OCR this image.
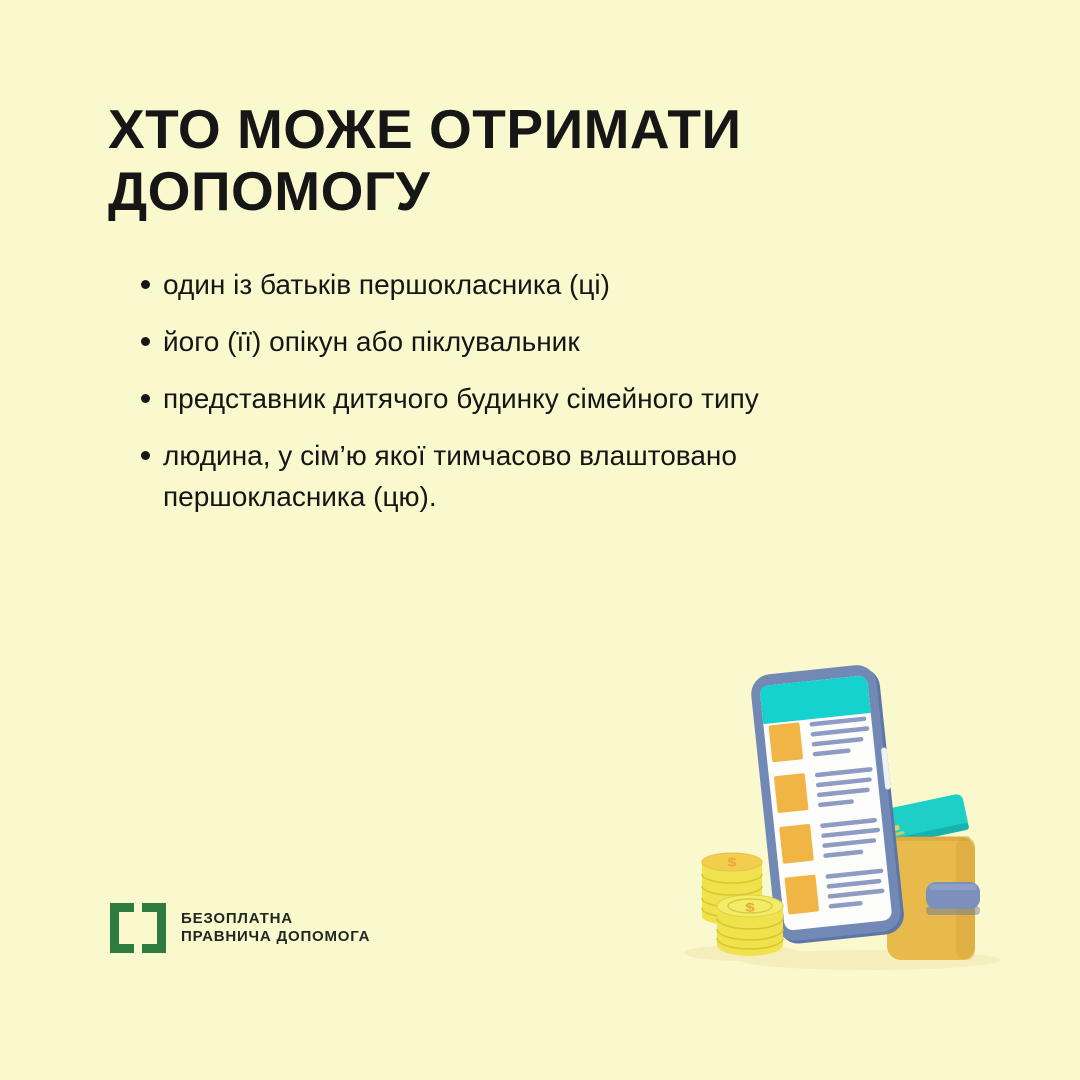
ХТО МОЖЕ ОТРИМАТИ ДОПОМОГУ
один із батьків першокласника (ці)
його (її) опікун або піклувальник
представник дитячого будинку сімейного типу
людина, у сім’ю якої тимчасово влаштовано першокласника (цю).
БЕЗОПЛАТНА
ПРАВНИЧА ДОПОМОГА
$
$
